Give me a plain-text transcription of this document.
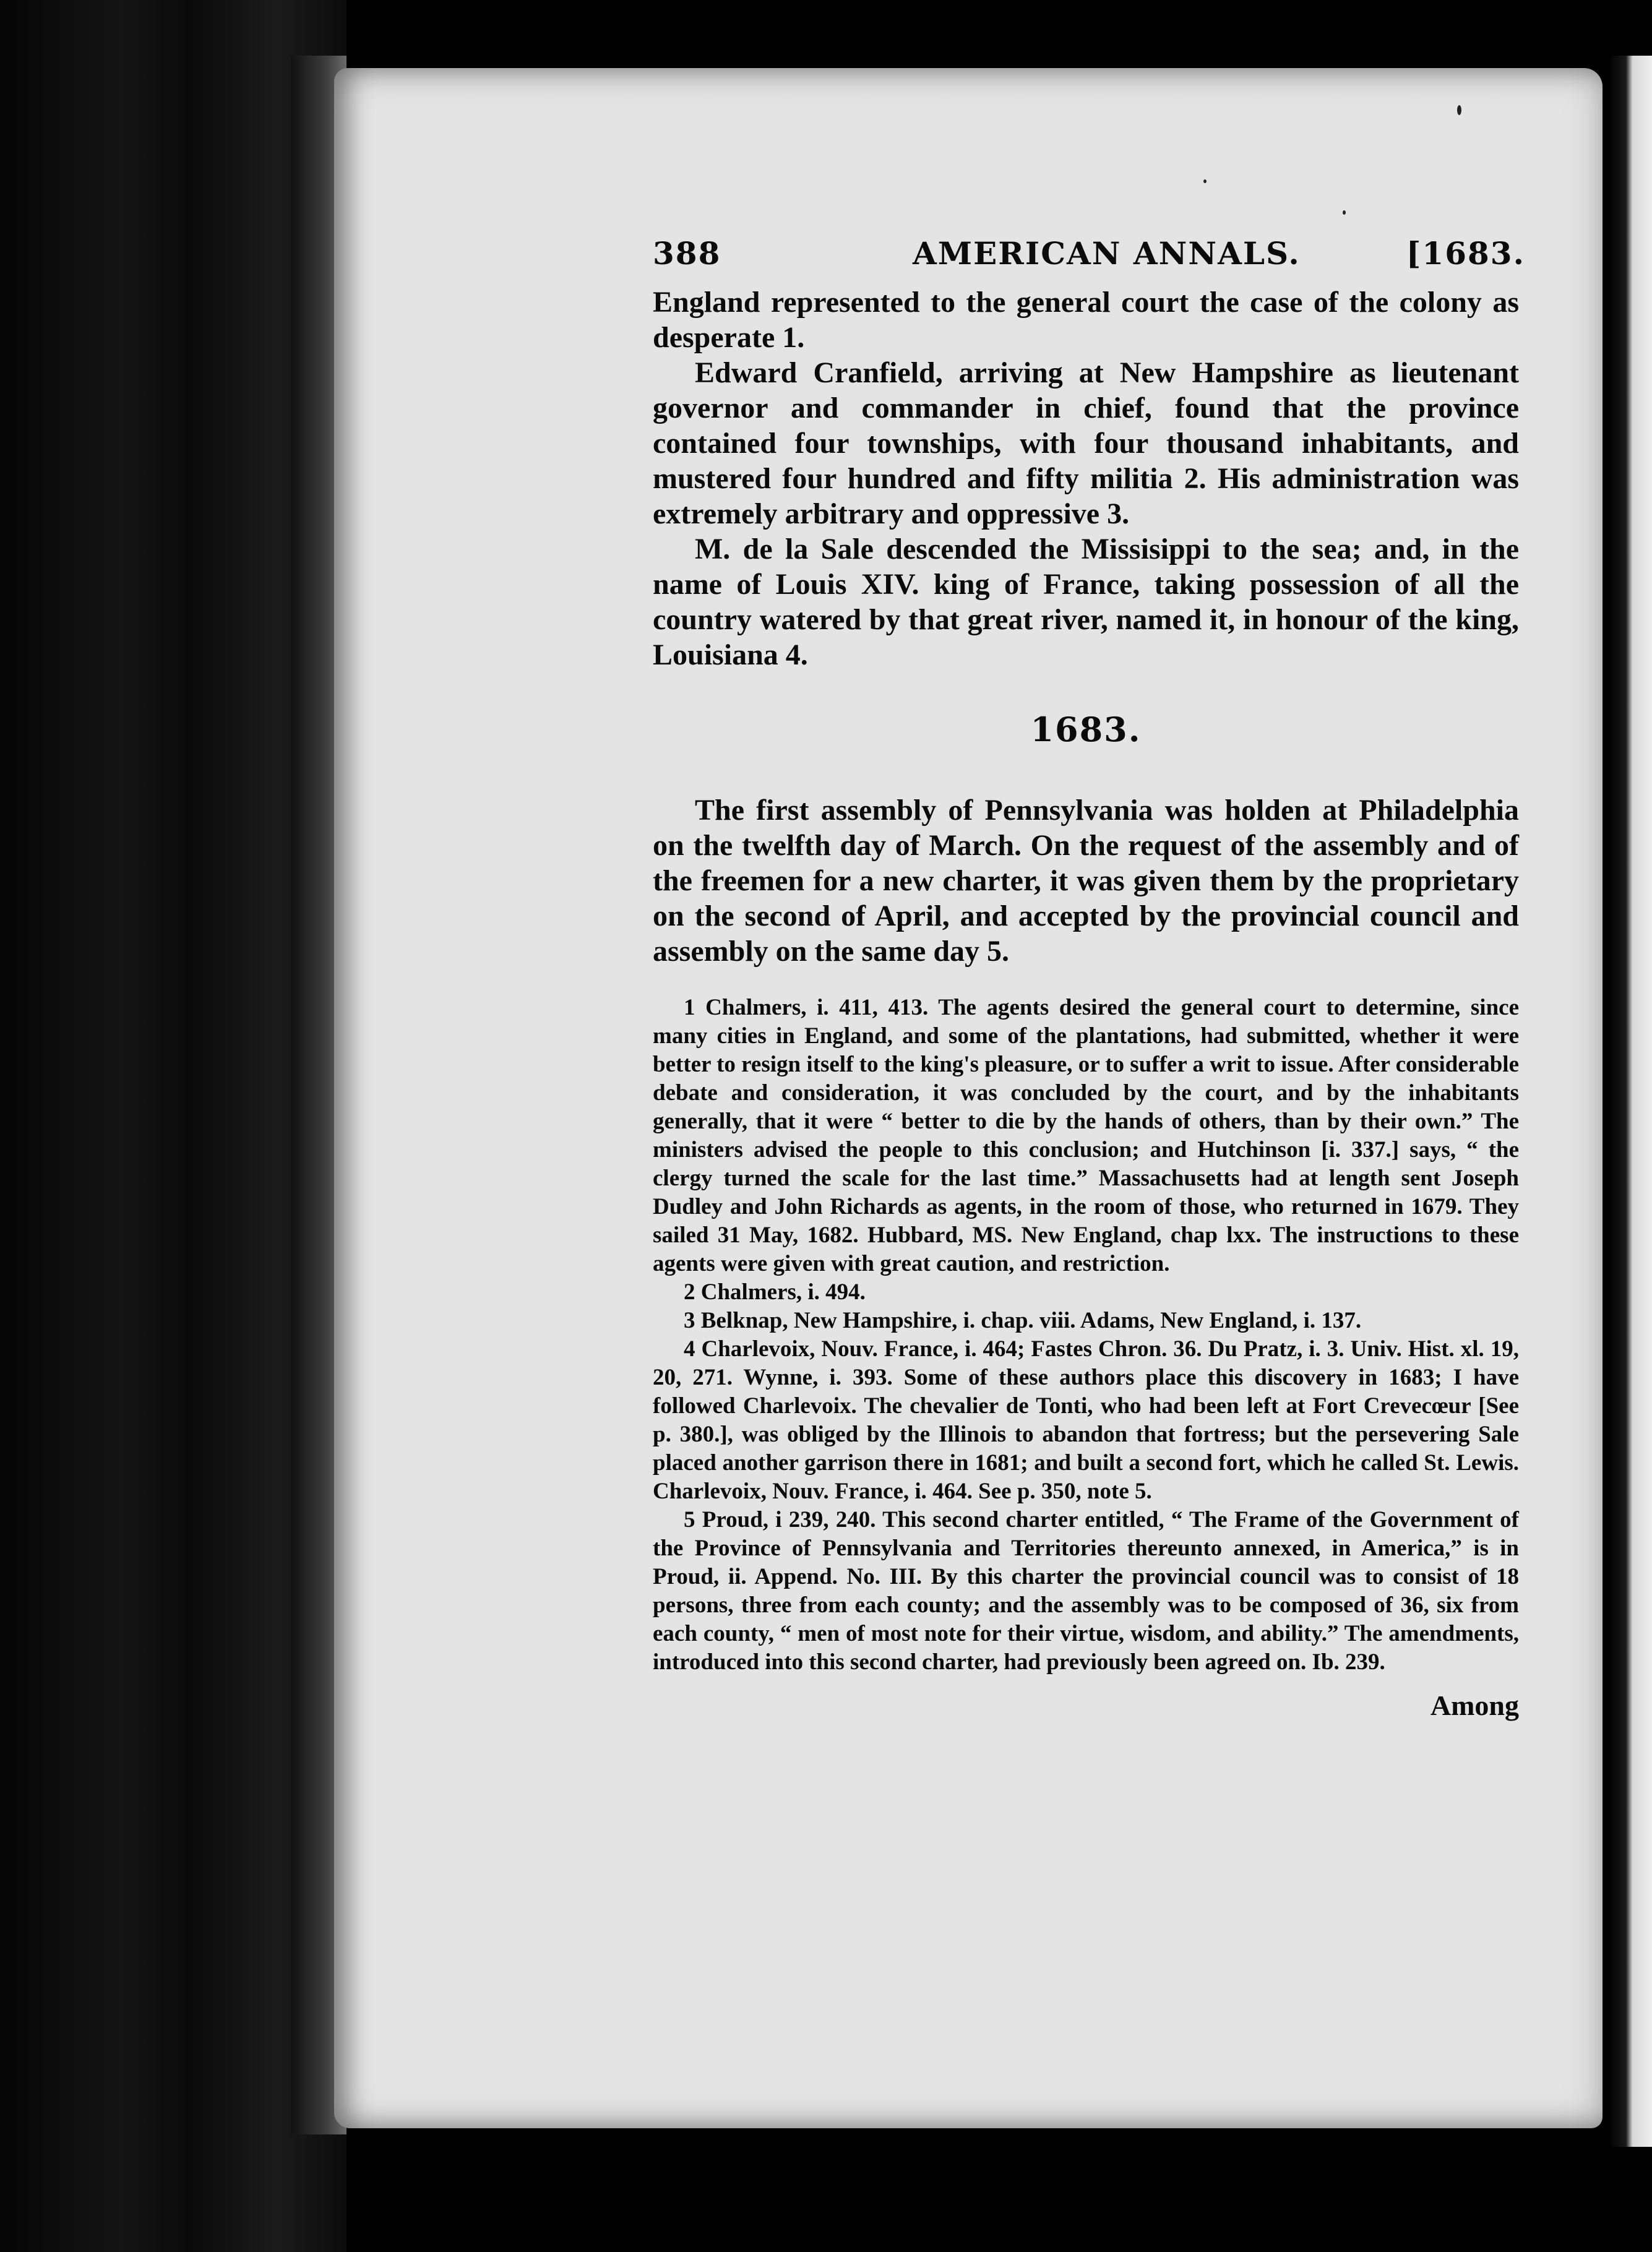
388	AMERICAN ANNALS.	[1683.

England represented to the general court the case of the colony as desperate 1.

Edward Cranfield, arriving at New Hampshire as lieutenant governor and commander in chief, found that the province contained four townships, with four thousand inhabitants, and mustered four hundred and fifty militia 2. His administration was extremely arbitrary and oppressive 3.

M. de la Sale descended the Missisippi to the sea; and, in the name of Louis XIV. king of France, taking possession of all the country watered by that great river, named it, in honour of the king, Louisiana 4.

1683.

The first assembly of Pennsylvania was holden at Philadelphia on the twelfth day of March. On the request of the assembly and of the freemen for a new charter, it was given them by the proprietary on the second of April, and accepted by the provincial council and assembly on the same day 5.

1 Chalmers, i. 411, 413. The agents desired the general court to determine, since many cities in England, and some of the plantations, had submitted, whether it were better to resign itself to the king's pleasure, or to suffer a writ to issue. After considerable debate and consideration, it was concluded by the court, and by the inhabitants generally, that it were “ better to die by the hands of others, than by their own.” The ministers advised the people to this conclusion; and Hutchinson [i. 337.] says, “ the clergy turned the scale for the last time.” Massachusetts had at length sent Joseph Dudley and John Richards as agents, in the room of those, who returned in 1679. They sailed 31 May, 1682. Hubbard, MS. New England, chap lxx. The instructions to these agents were given with great caution, and restriction.

2 Chalmers, i. 494.

3 Belknap, New Hampshire, i. chap. viii. Adams, New England, i. 137.

4 Charlevoix, Nouv. France, i. 464; Fastes Chron. 36. Du Pratz, i. 3. Univ. Hist. xl. 19, 20, 271. Wynne, i. 393. Some of these authors place this discovery in 1683; I have followed Charlevoix. The chevalier de Tonti, who had been left at Fort Crevecœur [See p. 380.], was obliged by the Illinois to abandon that fortress; but the persevering Sale placed another garrison there in 1681; and built a second fort, which he called St. Lewis. Charlevoix, Nouv. France, i. 464. See p. 350, note 5.

5 Proud, i 239, 240. This second charter entitled, “ The Frame of the Government of the Province of Pennsylvania and Territories thereunto annexed, in America,” is in Proud, ii. Append. No. III. By this charter the provincial council was to consist of 18 persons, three from each county; and the assembly was to be composed of 36, six from each county, “ men of most note for their virtue, wisdom, and ability.” The amendments, introduced into this second charter, had previously been agreed on. Ib. 239.

Among
